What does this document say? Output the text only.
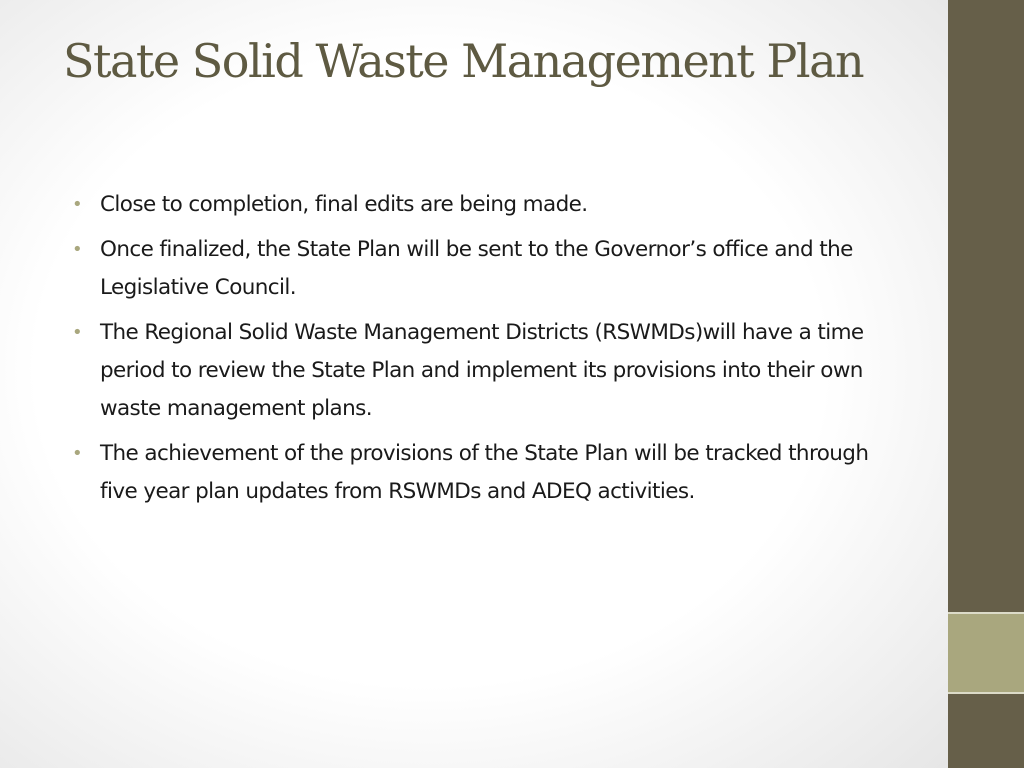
State Solid Waste Management Plan
• Close to completion, final edits are being made.
• Once finalized, the State Plan will be sent to the Governor’s office and the Legislative Council.
• The Regional Solid Waste Management Districts (RSWMDs)will have a time period to review the State Plan and implement its provisions into their own waste management plans.
• The achievement of the provisions of the State Plan will be tracked through five year plan updates from RSWMDs and ADEQ activities.
